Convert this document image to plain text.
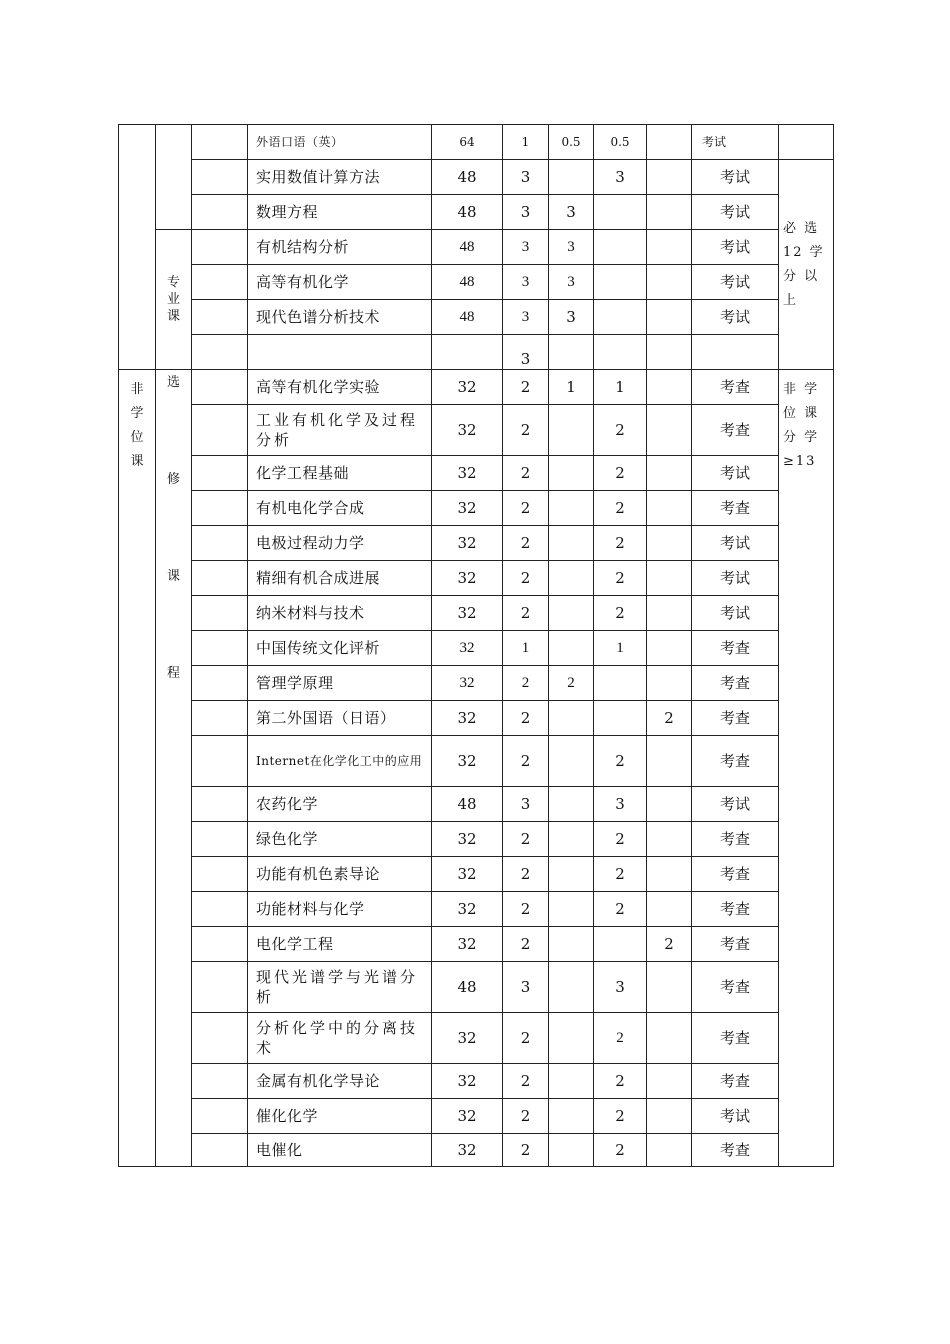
			外语口语（英）	64	1	0.5	0.5		考试	
			实用数值计算方法	48	3		3		考试	必 选 12 学 分 以 上

			数理方程	48	3	3			考试	
	专业课		有机结构分析	48	3	3			考试	
			高等有机化学	48	3	3			考试	
			现代色谱分析技术	48	3	3			考试	
					3					

非学位课	选修课程		高等有机化学实验	32	2	1	1		考查	非 学 位 课 分 学 ≥13

			工业有机化学及过程分析	32	2		2		考查	
			化学工程基础	32	2		2		考试	
			有机电化学合成	32	2		2		考查	
			电极过程动力学	32	2		2		考试	
			精细有机合成进展	32	2		2		考试	
			纳米材料与技术	32	2		2		考试	
			中国传统文化评析	32	1		1		考查	
			管理学原理	32	2	2			考查	
			第二外国语（日语）	32	2			2	考查	
			Internet在化学化工中的应用	32	2		2		考查	
			农药化学	48	3		3		考试	
			绿色化学	32	2		2		考查	
			功能有机色素导论	32	2		2		考查	
			功能材料与化学	32	2		2		考查	
			电化学工程	32	2			2	考查	
			现代光谱学与光谱分析	48	3		3		考查	
			分析化学中的分离技术	32	2		2		考查	
			金属有机化学导论	32	2		2		考查	
			催化化学	32	2		2		考试	
			电催化	32	2		2		考查	
